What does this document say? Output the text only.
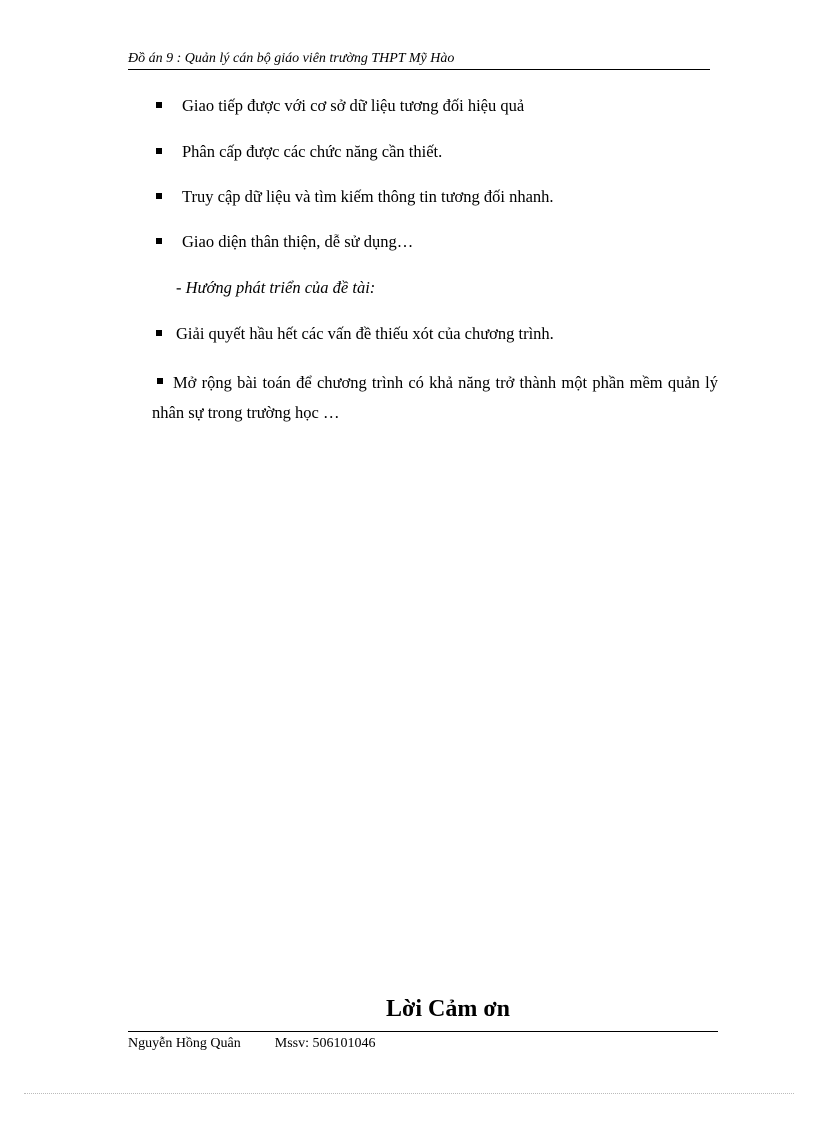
Đồ án 9 : Quản lý cán bộ giáo viên trường THPT Mỹ Hào
Giao tiếp được với cơ sở dữ liệu tương đối hiệu quả
Phân cấp được các chức năng cần thiết.
Truy cập dữ liệu và tìm kiếm thông tin tương đối nhanh.
Giao diện thân thiện, dễ sử dụng…
- Hướng phát triển của đề tài:
Giải quyết hầu hết các vấn đề thiếu xót của chương trình.
Mở rộng bài toán để chương trình có khả năng trở thành một phần mềm quản lý nhân sự trong trường học …
Lời Cảm ơn
Nguyễn Hồng Quân Mssv: 506101046
